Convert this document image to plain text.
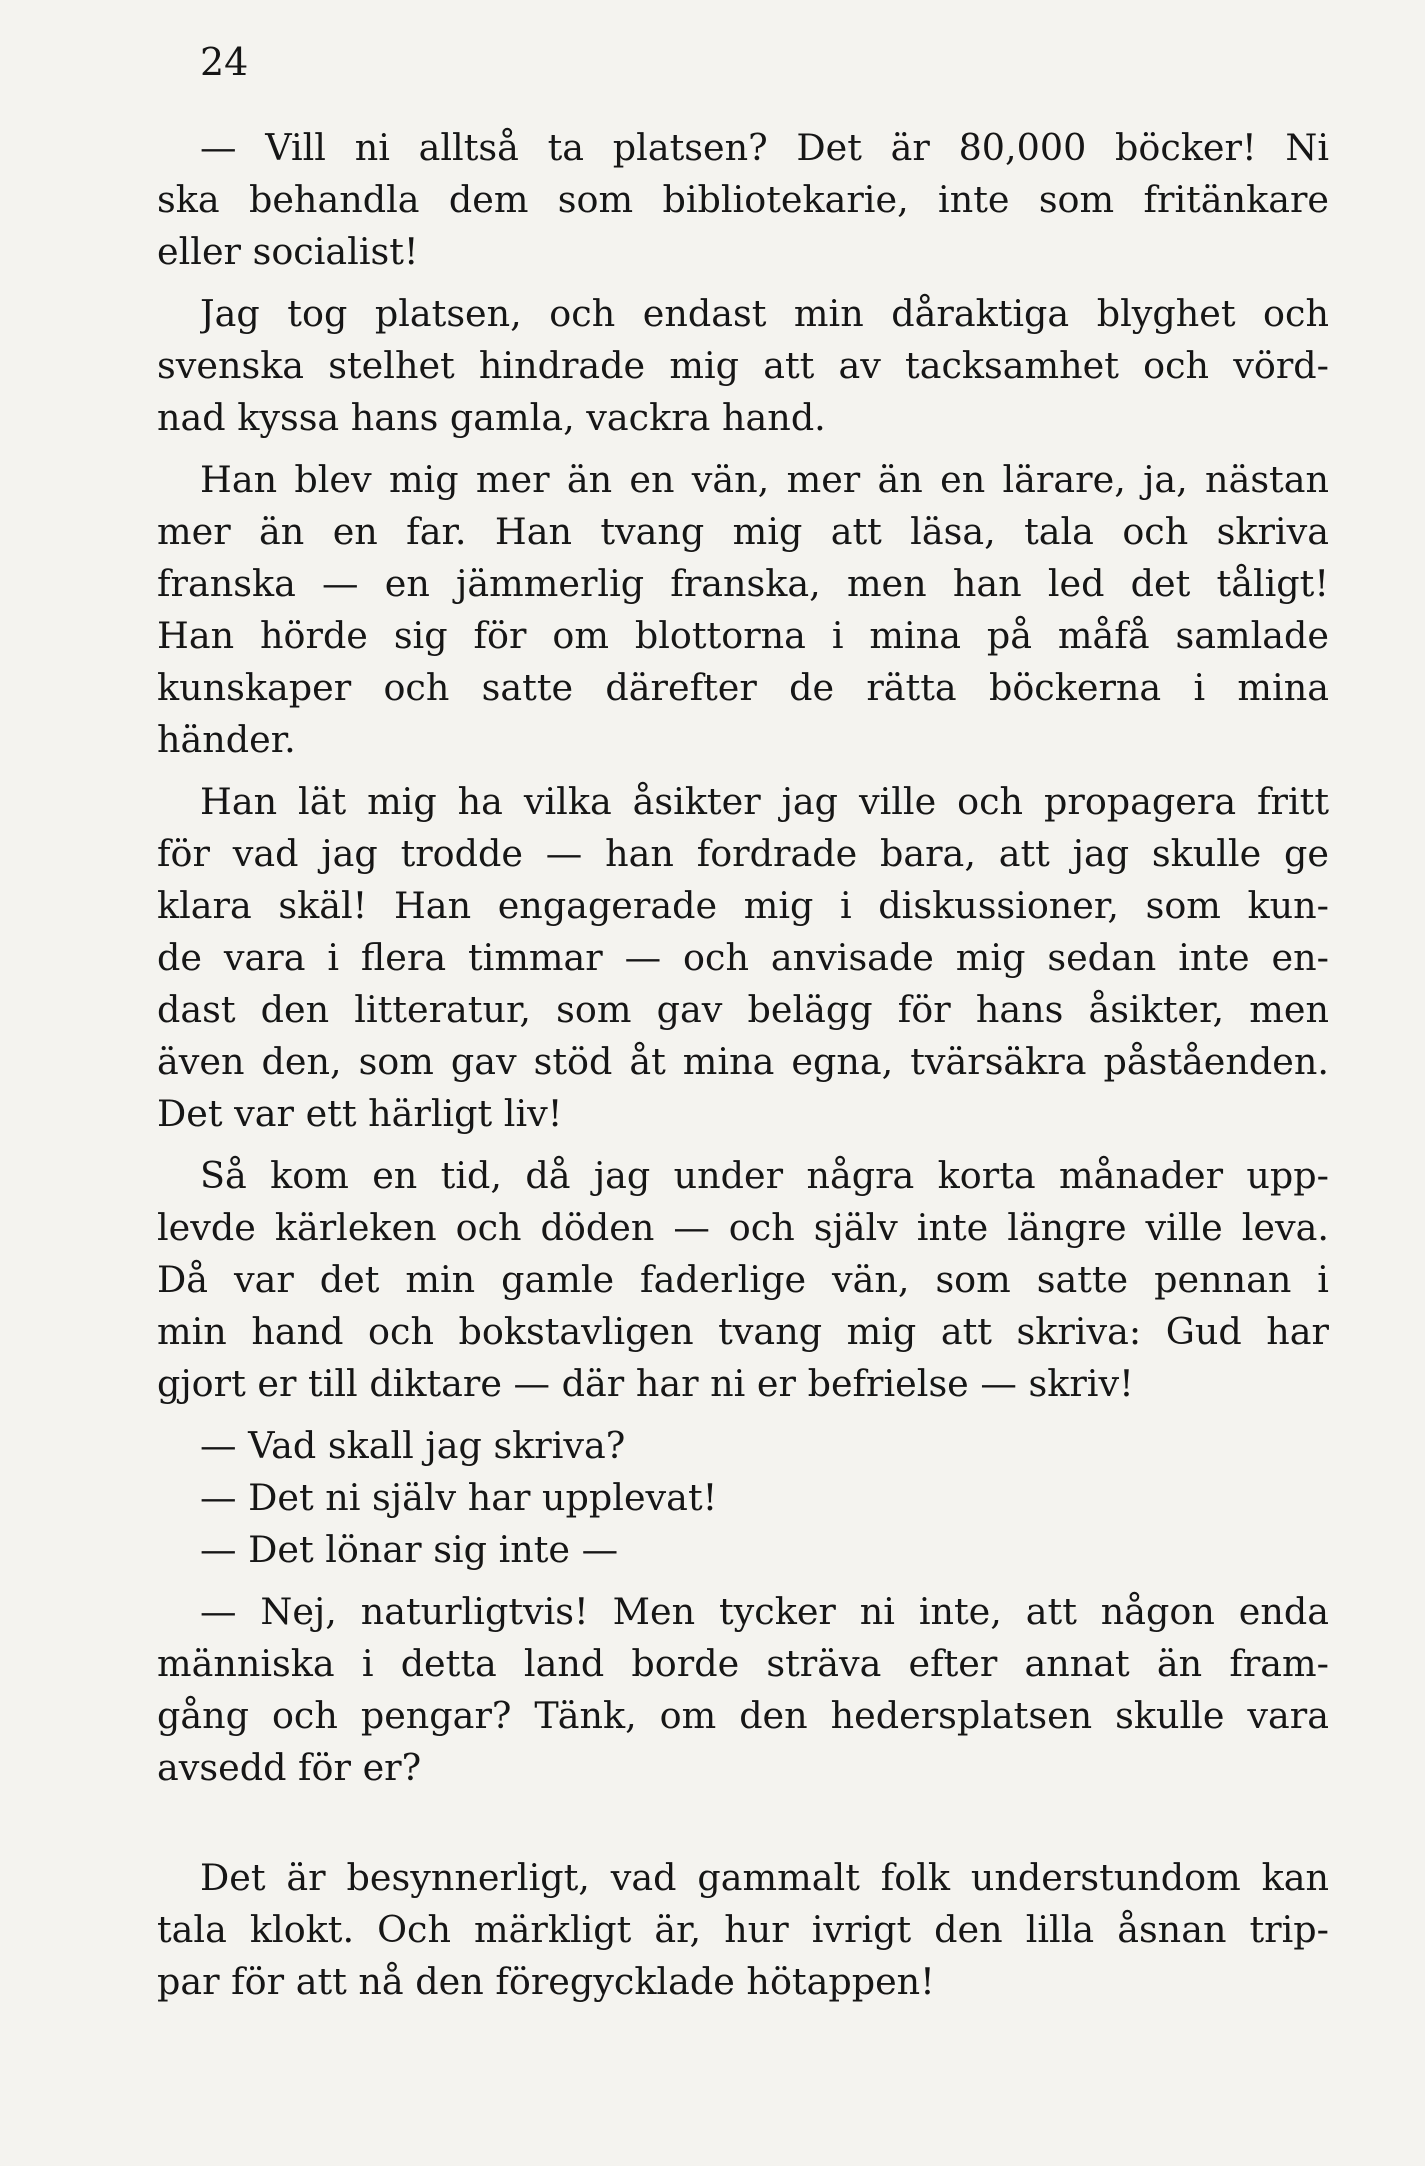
24

— Vill ni alltså ta platsen? Det är 80,000 böcker! Ni

ska behandla dem som bibliotekarie, inte som fritänkare

eller socialist!

Jag tog platsen, och endast min dåraktiga blyghet och

svenska stelhet hindrade mig att av tacksamhet och vörd-

nad kyssa hans gamla, vackra hand.

Han blev mig mer än en vän, mer än en lärare, ja, nästan

mer än en far. Han tvang mig att läsa, tala och skriva

franska — en jämmerlig franska, men han led det tåligt!

Han hörde sig för om blottorna i mina på måfå samlade

kunskaper och satte därefter de rätta böckerna i mina

händer.

Han lät mig ha vilka åsikter jag ville och propagera fritt

för vad jag trodde — han fordrade bara, att jag skulle ge

klara skäl! Han engagerade mig i diskussioner, som kun-

de vara i flera timmar — och anvisade mig sedan inte en-

dast den litteratur, som gav belägg för hans åsikter, men

även den, som gav stöd åt mina egna, tvärsäkra påståenden.

Det var ett härligt liv!

Så kom en tid, då jag under några korta månader upp-

levde kärleken och döden — och själv inte längre ville leva.

Då var det min gamle faderlige vän, som satte pennan i

min hand och bokstavligen tvang mig att skriva: Gud har

gjort er till diktare — där har ni er befrielse — skriv!

— Vad skall jag skriva?

— Det ni själv har upplevat!

— Det lönar sig inte —

— Nej, naturligtvis! Men tycker ni inte, att någon enda

människa i detta land borde sträva efter annat än fram-

gång och pengar? Tänk, om den hedersplatsen skulle vara

avsedd för er?

Det är besynnerligt, vad gammalt folk understundom kan

tala klokt. Och märkligt är, hur ivrigt den lilla åsnan trip-

par för att nå den föregycklade hötappen!
